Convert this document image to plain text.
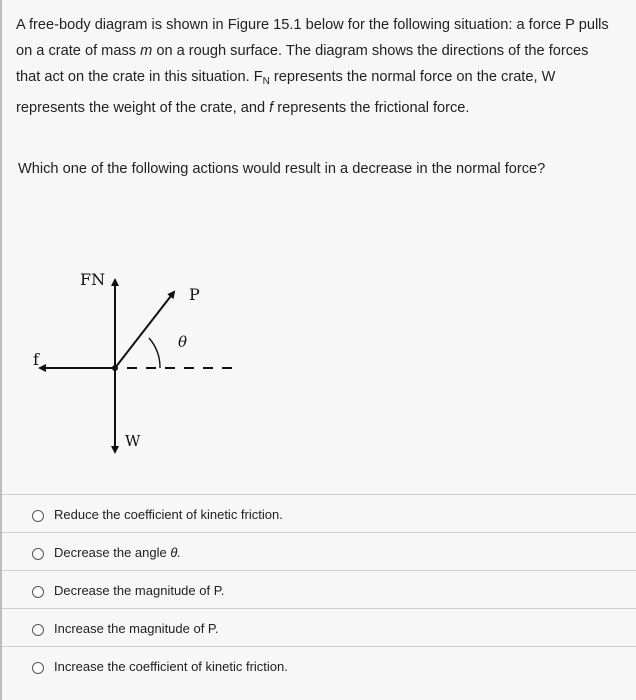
A free-body diagram is shown in Figure 15.1 below for the following situation: a force P pulls on a crate of mass m on a rough surface. The diagram shows the directions of the forces that act on the crate in this situation. $F_N$ represents the normal force on the crate, W represents the weight of the crate, and f represents the frictional force.

Which one of the following actions would result in a decrease in the normal force?
FN
f
P
θ
W
Reduce the coefficient of kinetic friction.
Decrease the angle θ.
Decrease the magnitude of P.
Increase the magnitude of P.
Increase the coefficient of kinetic friction.
